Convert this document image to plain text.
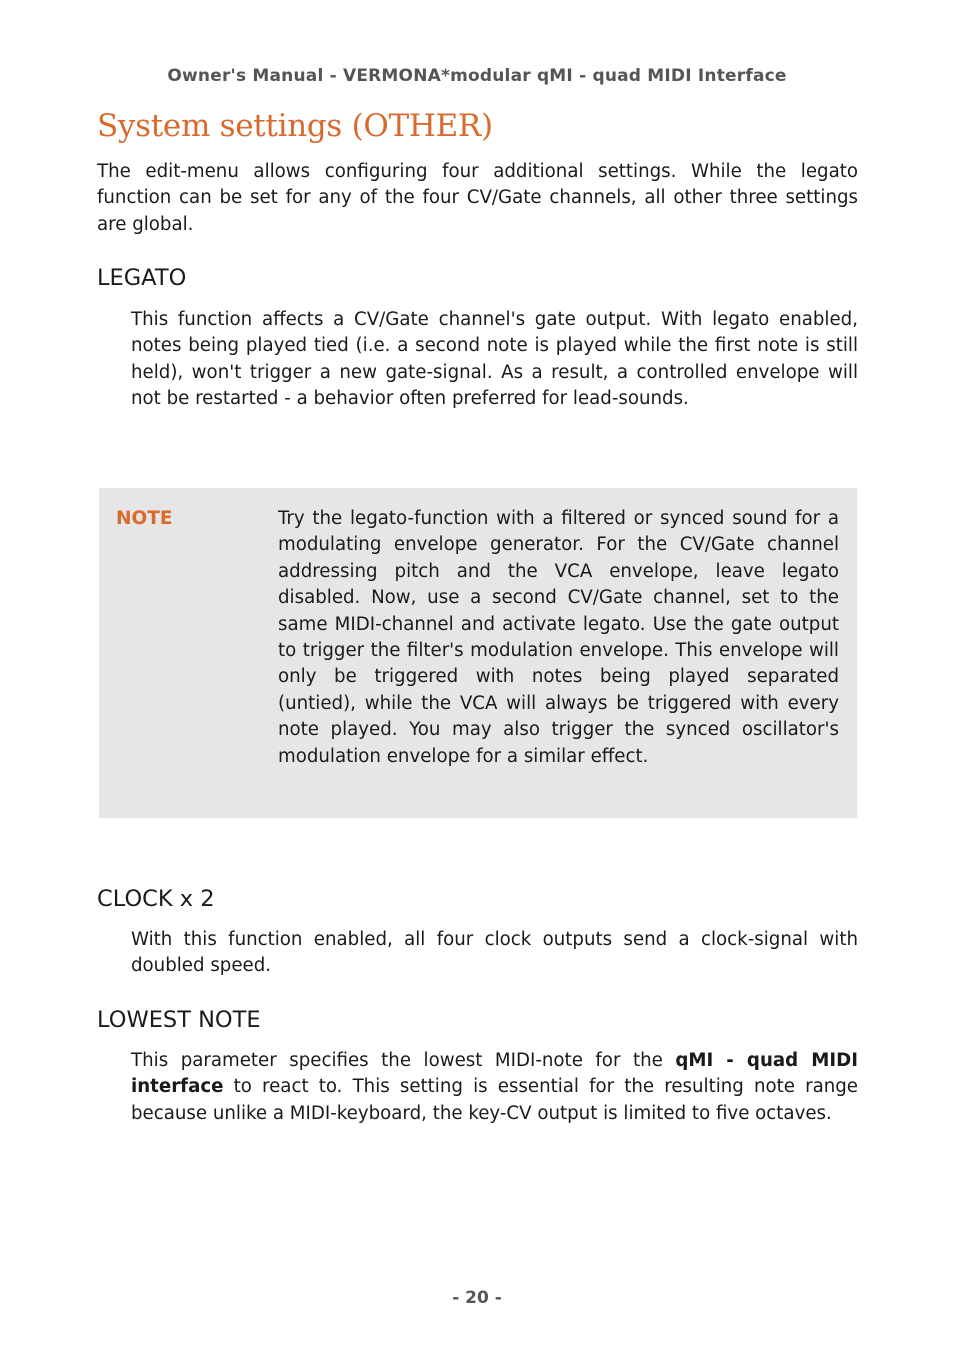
Owner's Manual - VERMONA*modular qMI - quad MIDI Interface
System settings (OTHER)

The edit-menu allows configuring four additional settings. While the legato function can be set for any of the four CV/Gate channels, all other three settings are global.

LEGATO

This function affects a CV/Gate channel's gate output. With legato enabled, notes being played tied (i.e. a second note is played while the first note is still held), won't trigger a new gate-signal. As a result, a controlled envelope will not be restarted - a behavior often preferred for lead-sounds.

NOTE	Try the legato-function with a filtered or synced sound for a modulating envelope generator. For the CV/Gate channel addressing pitch and the VCA envelope, leave legato disabled. Now, use a second CV/Gate channel, set to the same MIDI-channel and activate legato. Use the gate output to trigger the filter's modulation envelope. This envelope will only be triggered with notes being played separated (untied), while the VCA will always be triggered with every note played. You may also trigger the synced oscillator's modulation envelope for a similar effect.

CLOCK x 2

With this function enabled, all four clock outputs send a clock-signal with doubled speed.

LOWEST NOTE

This parameter specifies the lowest MIDI-note for the qMI - quad MIDI interface to react to. This setting is essential for the resulting note range because unlike a MIDI-keyboard, the key-CV output is limited to five octaves.

- 20 -
